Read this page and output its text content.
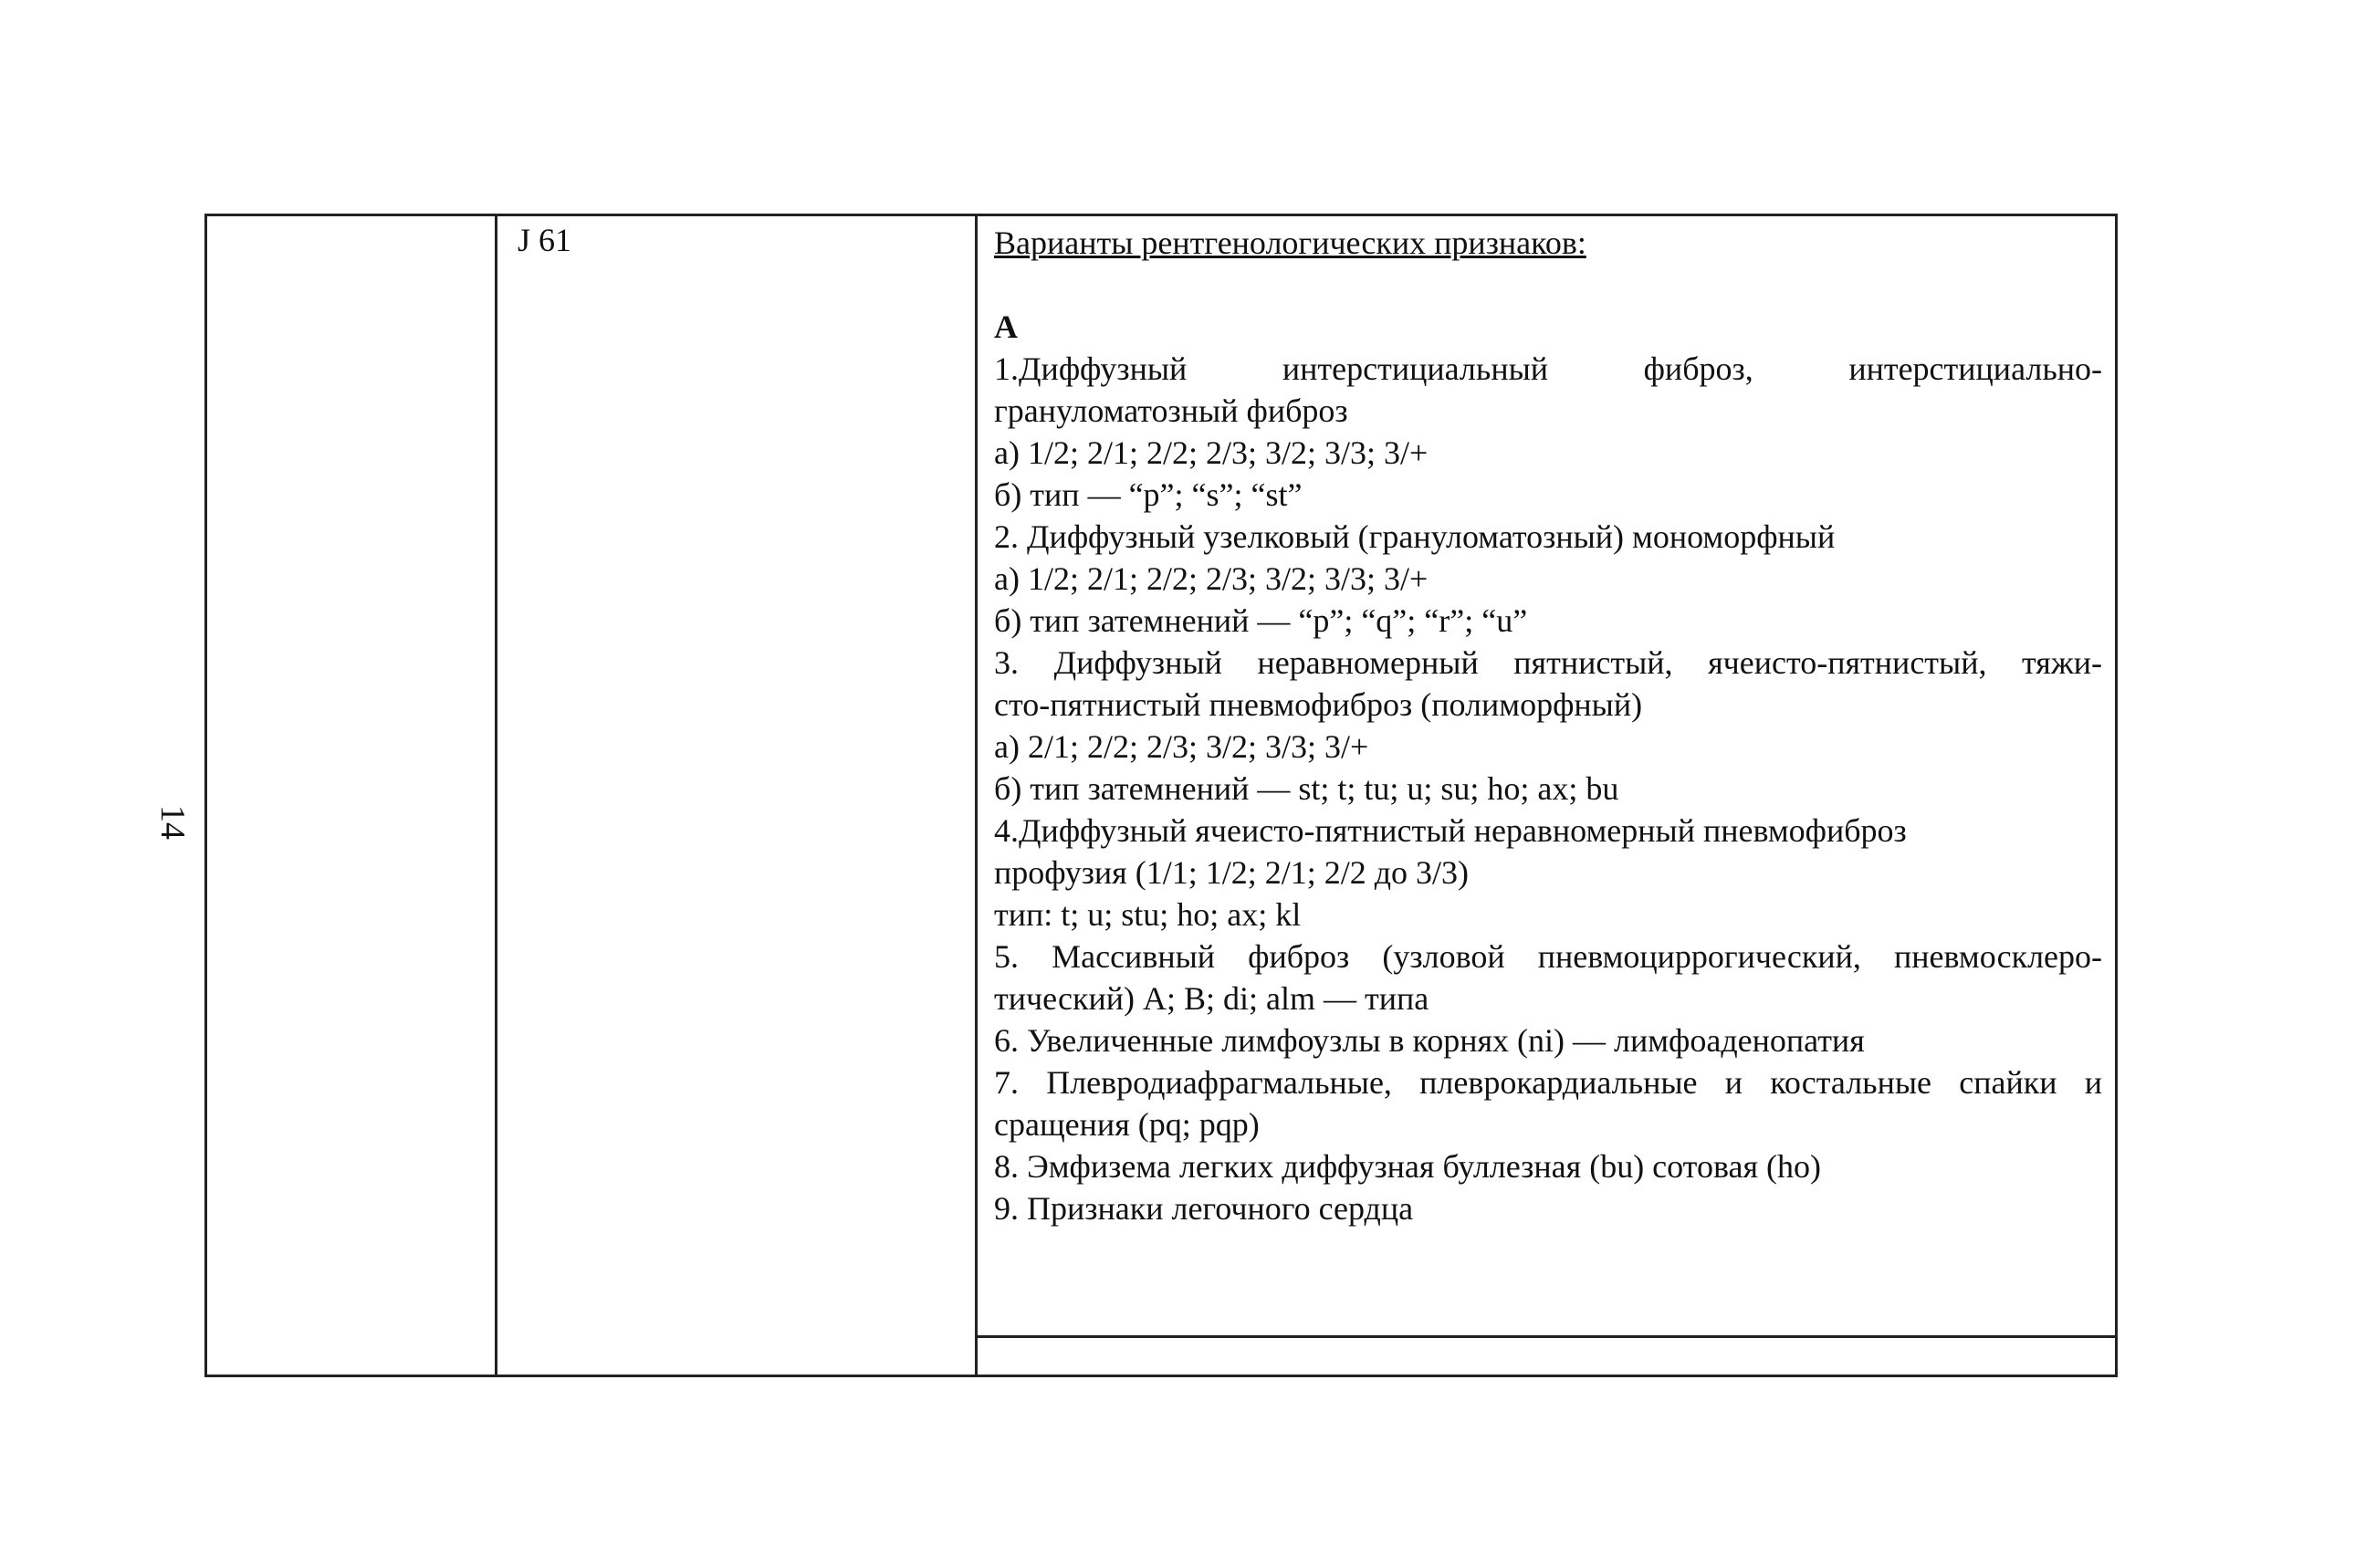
14
J 61	Варианты рентгенологических признаков:

А

1.Диффузный интерстициальный фиброз, интерстициально-

грануломатозный фиброз

а) 1/2; 2/1; 2/2; 2/3; 3/2; 3/3; 3/+

б) тип — “p”; “s”; “st”

2. Диффузный узелковый (грануломатозный) мономорфный

а) 1/2; 2/1; 2/2; 2/3; 3/2; 3/3; 3/+

б) тип затемнений — “p”; “q”; “r”; “u”

3. Диффузный неравномерный пятнистый, ячеисто-пятнистый, тяжи-

сто-пятнистый пневмофиброз (полиморфный)

а) 2/1; 2/2; 2/3; 3/2; 3/3; 3/+

б) тип затемнений — st; t; tu; u; su; ho; ax; bu

4.Диффузный ячеисто-пятнистый неравномерный пневмофиброз

профузия (1/1; 1/2; 2/1; 2/2 до 3/3)

тип: t; u; stu; ho; ax; kl

5. Массивный фиброз (узловой пневмоциррогический, пневмосклеро-

тический) A; B; di; alm — типа

6. Увеличенные лимфоузлы в корнях (ni) — лимфоаденопатия

7. Плевродиафрагмальные, плеврокардиальные и костальные спайки и

сращения (pq; pqp)

8. Эмфизема легких диффузная буллезная (bu) сотовая (ho)

9. Признаки легочного сердца
